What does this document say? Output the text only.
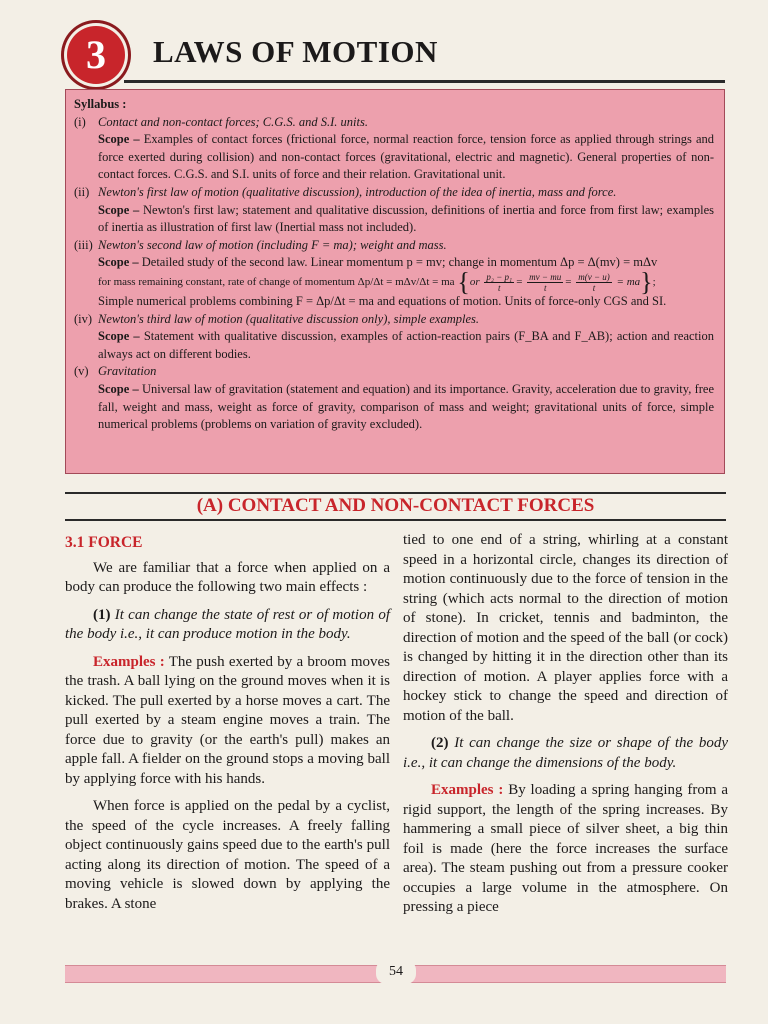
3 LAWS OF MOTION

Syllabus :

(i) Contact and non-contact forces; C.G.S. and S.I. units.

Scope – Examples of contact forces (frictional force, normal reaction force, tension force as applied through strings and force exerted during collision) and non-contact forces (gravitational, electric and magnetic). General properties of non-contact forces. C.G.S. and S.I. units of force and their relation. Gravitational unit.

(ii) Newton's first law of motion (qualitative discussion), introduction of the idea of inertia, mass and force.

Scope – Newton's first law; statement and qualitative discussion, definitions of inertia and force from first law; examples of inertia as illustration of first law (Inertial mass not included).

(iii) Newton's second law of motion (including F = ma); weight and mass.

Scope – Detailed study of the second law. Linear momentum p = mv; change in momentum Δp = Δ(mv) = mΔv

for mass remaining constant, rate of change of momentum Δp/Δt = mΔv/Δt = ma $\{or \frac{\text{p₂ − p₁}}{t} = \frac{mv - mu}{t} = \frac{m(v - u)}{t} = ma\}$;

Simple numerical problems combining F = Δp/Δt = ma and equations of motion. Units of force-only CGS and SI.

(iv) Newton's third law of motion (qualitative discussion only), simple examples.

Scope – Statement with qualitative discussion, examples of action-reaction pairs (F_BA and F_AB); action and reaction always act on different bodies.

(v) Gravitation

Scope – Universal law of gravitation (statement and equation) and its importance. Gravity, acceleration due to gravity, free fall, weight and mass, weight as force of gravity, comparison of mass and weight; gravitational units of force, simple numerical problems (problems on variation of gravity excluded).

(A) CONTACT AND NON-CONTACT FORCES

3.1 FORCE

We are familiar that a force when applied on a body can produce the following two main effects :

(1) It can change the state of rest or of motion of the body i.e., it can produce motion in the body.

Examples : The push exerted by a broom moves the trash. A ball lying on the ground moves when it is kicked. The pull exerted by a horse moves a cart. The pull exerted by a steam engine moves a train. The force due to gravity (or the earth's pull) makes an apple fall. A fielder on the ground stops a moving ball by applying force with his hands.

When force is applied on the pedal by a cyclist, the speed of the cycle increases. A freely falling object continuously gains speed due to the earth's pull acting along its direction of motion. The speed of a moving vehicle is slowed down by applying the brakes. A stone

tied to one end of a string, whirling at a constant speed in a horizontal circle, changes its direction of motion continuously due to the force of tension in the string (which acts normal to the direction of motion of stone). In cricket, tennis and badminton, the direction of motion and the speed of the ball (or cock) is changed by hitting it in the direction other than its direction of motion. A player applies force with a hockey stick to change the speed and direction of motion of the ball.

(2) It can change the size or shape of the body i.e., it can change the dimensions of the body.

Examples : By loading a spring hanging from a rigid support, the length of the spring increases. By hammering a small piece of silver sheet, a big thin foil is made (here the force increases the surface area). The steam pushing out from a pressure cooker occupies a large volume in the atmosphere. On pressing a piece

54
